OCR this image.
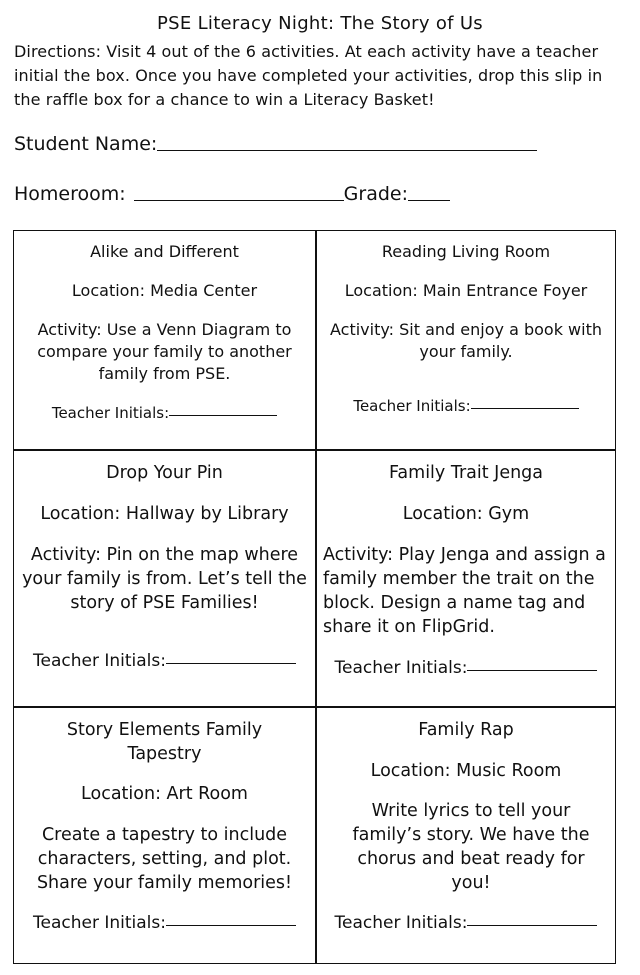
PSE Literacy Night: The Story of Us
Directions: Visit 4 out of the 6 activities. At each activity have a teacher initial the box. Once you have completed your activities, drop this slip in the raffle box for a chance to win a Literacy Basket!
Student Name:
Homeroom:	Grade:
Alike and Different
Location: Media Center
Activity: Use a Venn Diagram to compare your family to another family from PSE.
Teacher Initials:
Reading Living Room
Location: Main Entrance Foyer
Activity: Sit and enjoy a book with your family.
Teacher Initials:
Drop Your Pin
Location: Hallway by Library
Activity: Pin on the map where your family is from. Let’s tell the story of PSE Families!
Teacher Initials:
Family Trait Jenga
Location: Gym
Activity: Play Jenga and assign a family member the trait on the block. Design a name tag and share it on FlipGrid.
Teacher Initials:
Story Elements Family Tapestry
Location: Art Room
Create a tapestry to include characters, setting, and plot. Share your family memories!
Teacher Initials:
Family Rap
Location: Music Room
Write lyrics to tell your family’s story. We have the chorus and beat ready for you!
Teacher Initials:
